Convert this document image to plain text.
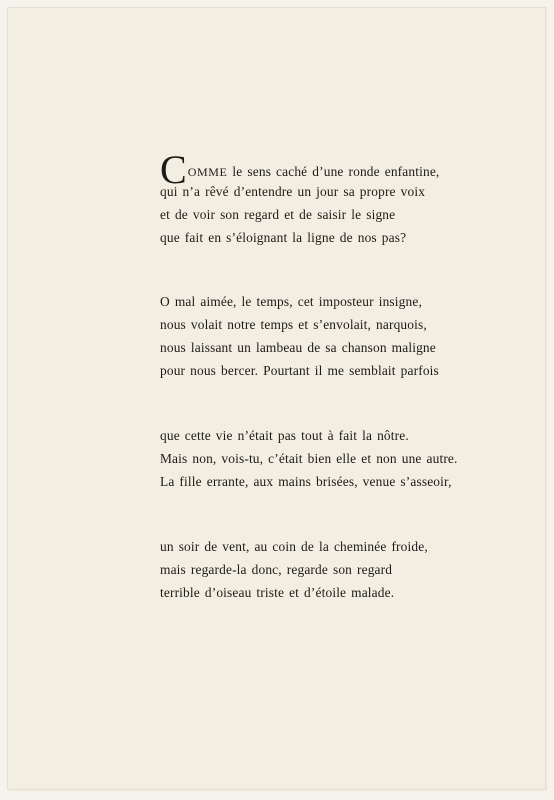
COMME le sens caché d’une ronde enfantine,
qui n’a rêvé d’entendre un jour sa propre voix
et de voir son regard et de saisir le signe
que fait en s’éloignant la ligne de nos pas?
O mal aimée, le temps, cet imposteur insigne,
nous volait notre temps et s’envolait, narquois,
nous laissant un lambeau de sa chanson maligne
pour nous bercer. Pourtant il me semblait parfois
que cette vie n’était pas tout à fait la nôtre.
Mais non, vois-tu, c’était bien elle et non une autre.
La fille errante, aux mains brisées, venue s’asseoir,
un soir de vent, au coin de la cheminée froide,
mais regarde-la donc, regarde son regard
terrible d’oiseau triste et d’étoile malade.
